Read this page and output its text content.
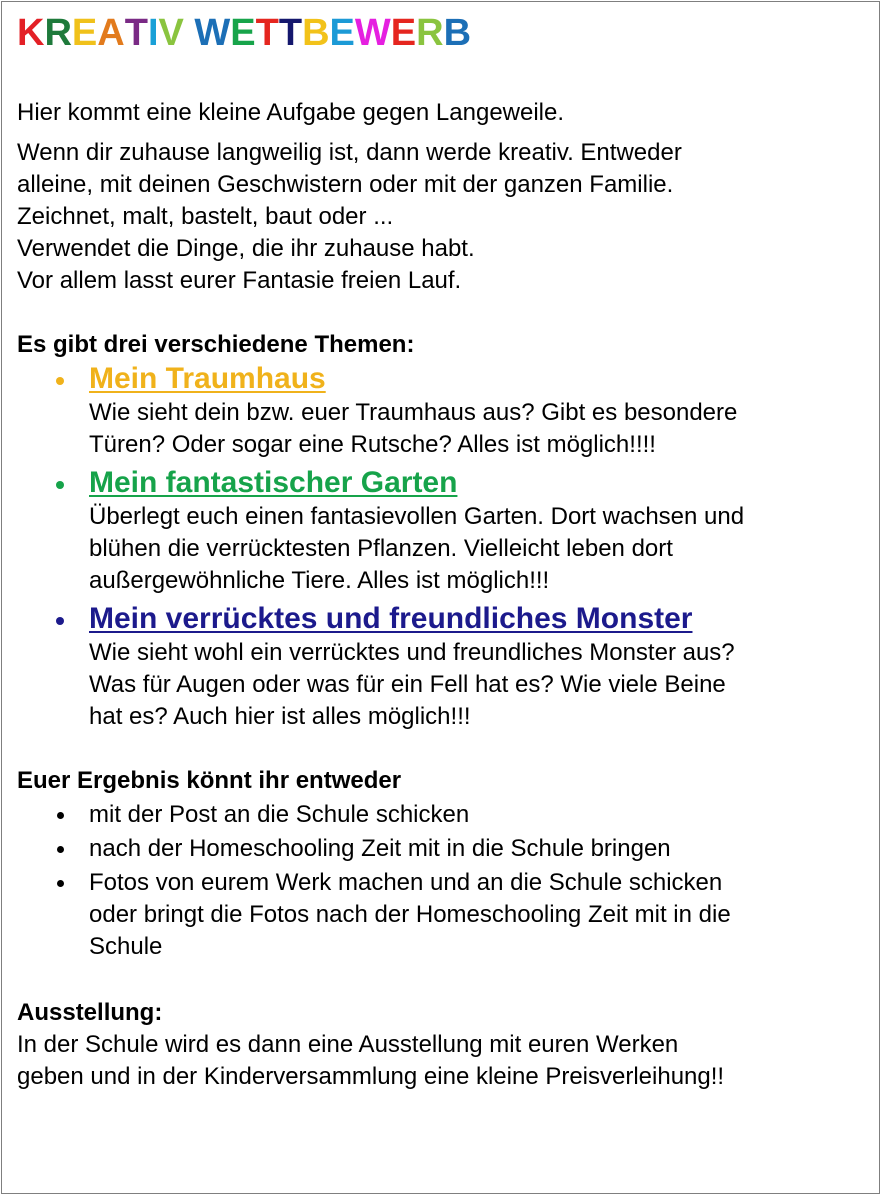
KREATIV WETTBEWERB

Hier kommt eine kleine Aufgabe gegen Langeweile.

Wenn dir zuhause langweilig ist, dann werde kreativ. Entweder
alleine, mit deinen Geschwistern oder mit der ganzen Familie.
Zeichnet, malt, bastelt, baut oder ...
Verwendet die Dinge, die ihr zuhause habt.
Vor allem lasst eurer Fantasie freien Lauf.
Es gibt drei verschiedene Themen:
Mein Traumhaus
Wie sieht dein bzw. euer Traumhaus aus? Gibt es besondere
Türen? Oder sogar eine Rutsche? Alles ist möglich!!!!
Mein fantastischer Garten
Überlegt euch einen fantasievollen Garten. Dort wachsen und
blühen die verrücktesten Pflanzen. Vielleicht leben dort
außergewöhnliche Tiere. Alles ist möglich!!!
Mein verrücktes und freundliches Monster
Wie sieht wohl ein verrücktes und freundliches Monster aus?
Was für Augen oder was für ein Fell hat es? Wie viele Beine
hat es? Auch hier ist alles möglich!!!
Euer Ergebnis könnt ihr entweder
mit der Post an die Schule schicken
nach der Homeschooling Zeit mit in die Schule bringen
Fotos von eurem Werk machen und an die Schule schicken
oder bringt die Fotos nach der Homeschooling Zeit mit in die
Schule
Ausstellung:
In der Schule wird es dann eine Ausstellung mit euren Werken
geben und in der Kinderversammlung eine kleine Preisverleihung!!
